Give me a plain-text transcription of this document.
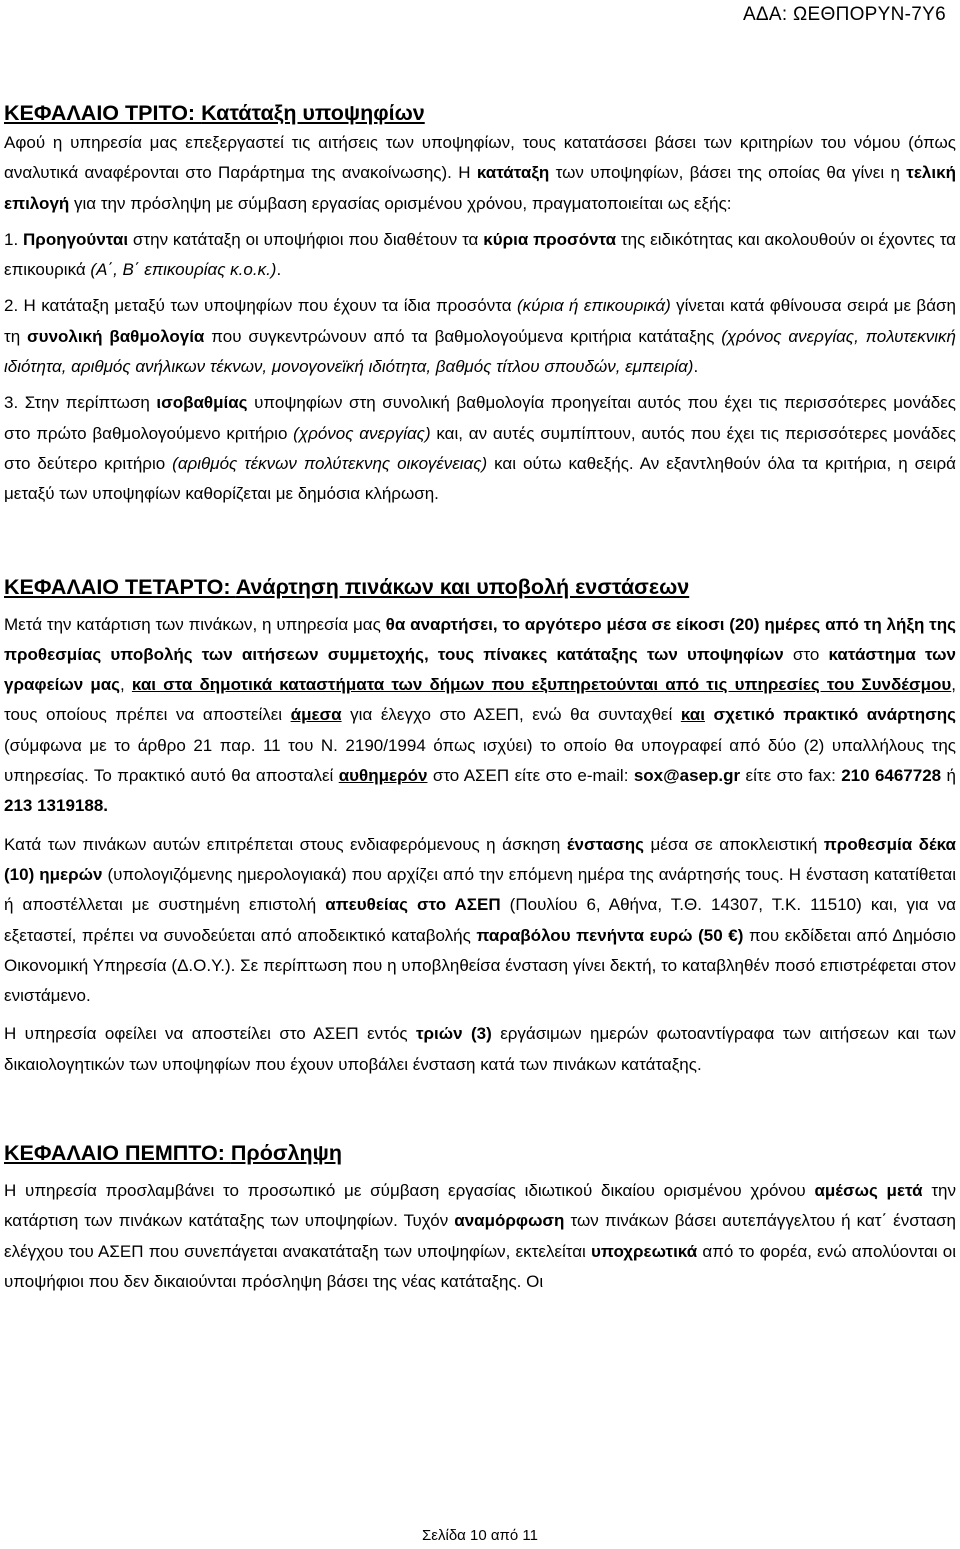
ΑΔΑ: ΩΕΘΠΟΡΥΝ-7Υ6
ΚΕΦΑΛΑΙΟ ΤΡΙΤΟ: Κατάταξη υποψηφίων

Αφού η υπηρεσία μας επεξεργαστεί τις αιτήσεις των υποψηφίων, τους κατατάσσει βάσει των κριτηρίων του νόμου (όπως αναλυτικά αναφέρονται στο Παράρτημα της ανακοίνωσης). Η κατάταξη των υποψηφίων, βάσει της οποίας θα γίνει η τελική επιλογή για την πρόσληψη με σύμβαση εργασίας ορισμένου χρόνου, πραγματοποιείται ως εξής:

1. Προηγούνται στην κατάταξη οι υποψήφιοι που διαθέτουν τα κύρια προσόντα της ειδικότητας και ακολουθούν οι έχοντες τα επικουρικά (Α΄, Β΄ επικουρίας κ.ο.κ.).

2. Η κατάταξη μεταξύ των υποψηφίων που έχουν τα ίδια προσόντα (κύρια ή επικουρικά) γίνεται κατά φθίνουσα σειρά με βάση τη συνολική βαθμολογία που συγκεντρώνουν από τα βαθμολογούμενα κριτήρια κατάταξης (χρόνος ανεργίας, πολυτεκνική ιδιότητα, αριθμός ανήλικων τέκνων, μονογονεϊκή ιδιότητα, βαθμός τίτλου σπουδών, εμπειρία).

3. Στην περίπτωση ισοβαθμίας υποψηφίων στη συνολική βαθμολογία προηγείται αυτός που έχει τις περισσότερες μονάδες στο πρώτο βαθμολογούμενο κριτήριο (χρόνος ανεργίας) και, αν αυτές συμπίπτουν, αυτός που έχει τις περισσότερες μονάδες στο δεύτερο κριτήριο (αριθμός τέκνων πολύτεκνης οικογένειας) και ούτω καθεξής. Αν εξαντληθούν όλα τα κριτήρια, η σειρά μεταξύ των υποψηφίων καθορίζεται με δημόσια κλήρωση.

ΚΕΦΑΛΑΙΟ ΤΕΤΑΡΤΟ: Ανάρτηση πινάκων και υποβολή ενστάσεων

Μετά την κατάρτιση των πινάκων, η υπηρεσία μας θα αναρτήσει, το αργότερο μέσα σε είκοσι (20) ημέρες από τη λήξη της προθεσμίας υποβολής των αιτήσεων συμμετοχής, τους πίνακες κατάταξης των υποψηφίων στο κατάστημα των γραφείων μας, και στα δημοτικά καταστήματα των δήμων που εξυπηρετούνται από τις υπηρεσίες του Συνδέσμου, τους οποίους πρέπει να αποστείλει άμεσα για έλεγχο στο ΑΣΕΠ, ενώ θα συνταχθεί και σχετικό πρακτικό ανάρτησης (σύμφωνα με το άρθρο 21 παρ. 11 του Ν. 2190/1994 όπως ισχύει) το οποίο θα υπογραφεί από δύο (2) υπαλλήλους της υπηρεσίας. Το πρακτικό αυτό θα αποσταλεί αυθημερόν στο ΑΣΕΠ είτε στο e-mail: sox@asep.gr είτε στο fax: 210 6467728 ή 213 1319188.

Κατά των πινάκων αυτών επιτρέπεται στους ενδιαφερόμενους η άσκηση ένστασης μέσα σε αποκλειστική προθεσμία δέκα (10) ημερών (υπολογιζόμενης ημερολογιακά) που αρχίζει από την επόμενη ημέρα της ανάρτησής τους. Η ένσταση κατατίθεται ή αποστέλλεται με συστημένη επιστολή απευθείας στο ΑΣΕΠ (Πουλίου 6, Αθήνα, Τ.Θ. 14307, Τ.Κ. 11510) και, για να εξεταστεί, πρέπει να συνοδεύεται από αποδεικτικό καταβολής παραβόλου πενήντα ευρώ (50 €) που εκδίδεται από Δημόσιο Οικονομική Υπηρεσία (Δ.Ο.Υ.). Σε περίπτωση που η υποβληθείσα ένσταση γίνει δεκτή, το καταβληθέν ποσό επιστρέφεται στον ενιστάμενο.

Η υπηρεσία οφείλει να αποστείλει στο ΑΣΕΠ εντός τριών (3) εργάσιμων ημερών φωτοαντίγραφα των αιτήσεων και των δικαιολογητικών των υποψηφίων που έχουν υποβάλει ένσταση κατά των πινάκων κατάταξης.

ΚΕΦΑΛΑΙΟ ΠΕΜΠΤΟ: Πρόσληψη

Η υπηρεσία προσλαμβάνει το προσωπικό με σύμβαση εργασίας ιδιωτικού δικαίου ορισμένου χρόνου αμέσως μετά την κατάρτιση των πινάκων κατάταξης των υποψηφίων. Τυχόν αναμόρφωση των πινάκων βάσει αυτεπάγγελτου ή κατ΄ ένσταση ελέγχου του ΑΣΕΠ που συνεπάγεται ανακατάταξη των υποψηφίων, εκτελείται υποχρεωτικά από το φορέα, ενώ απολύονται οι υποψήφιοι που δεν δικαιούνται πρόσληψη βάσει της νέας κατάταξης. Οι

Σελίδα 10 από 11
